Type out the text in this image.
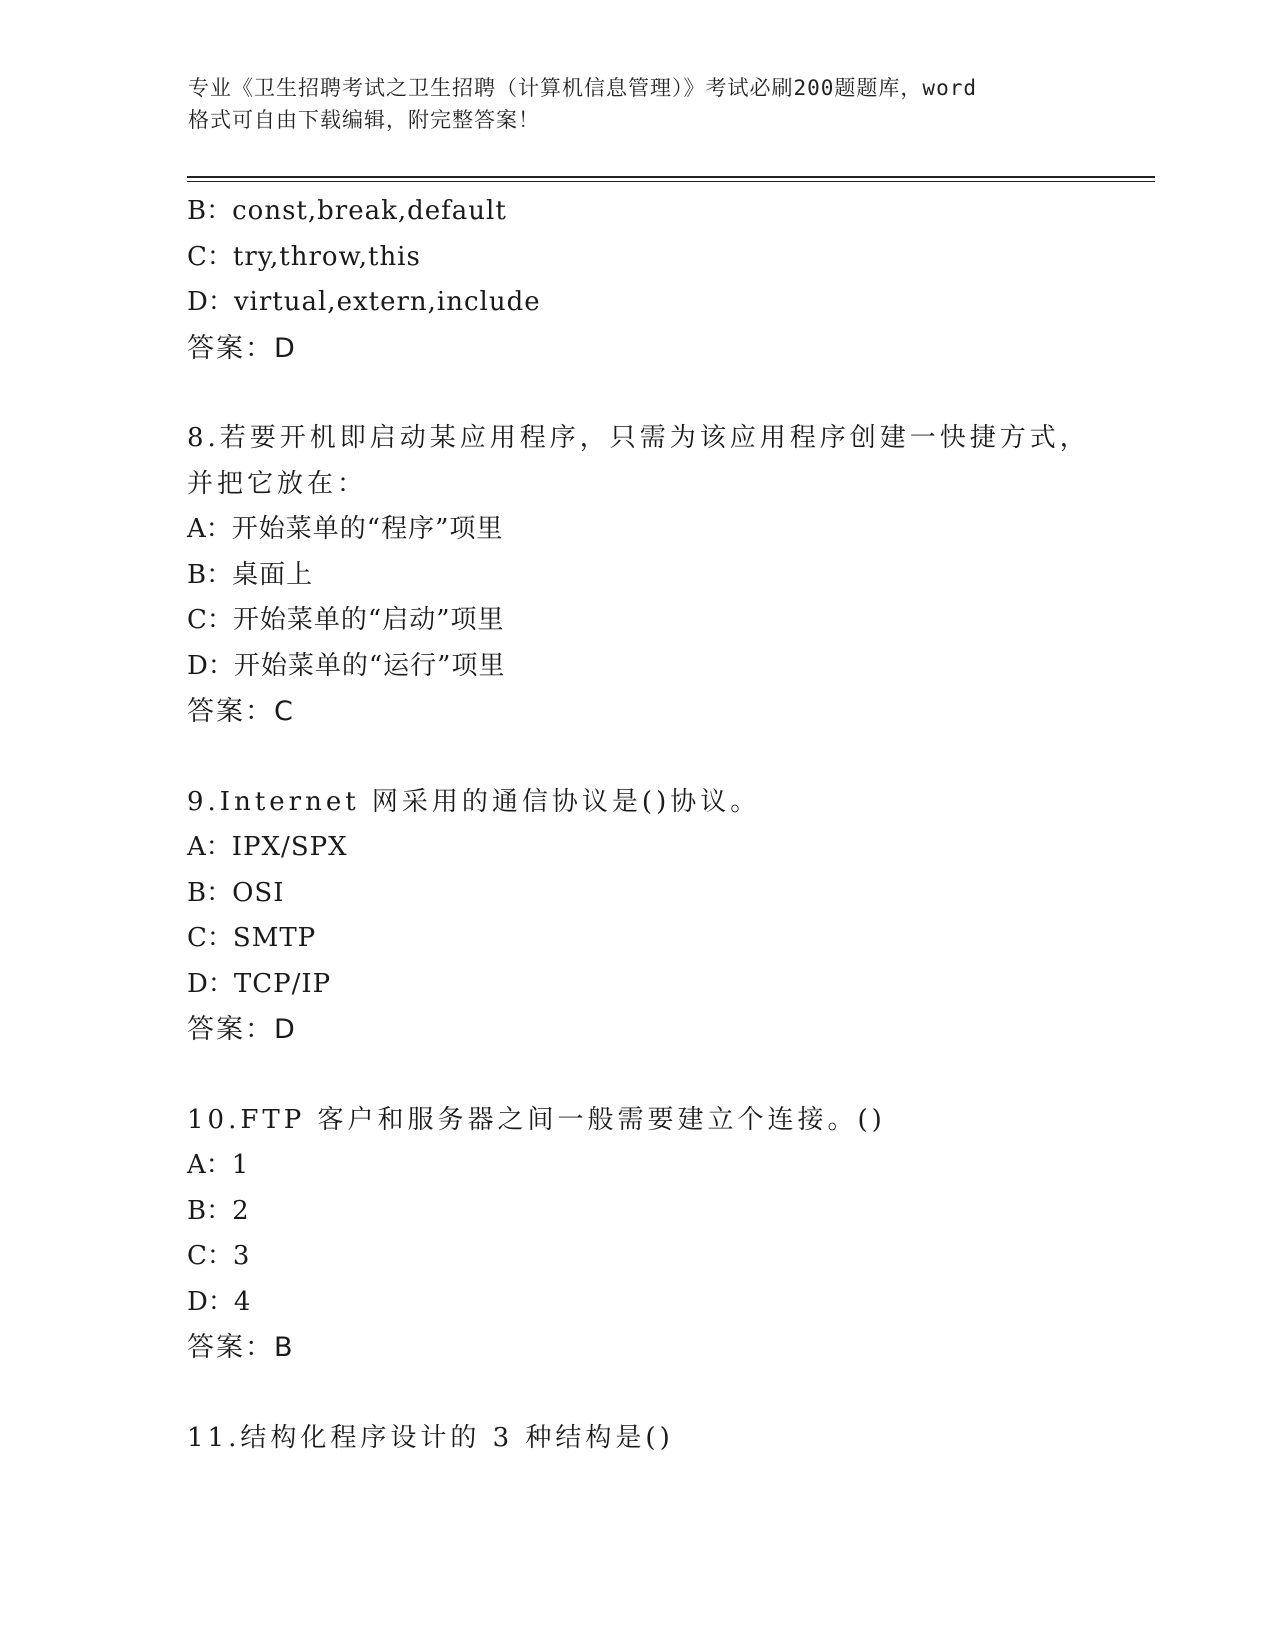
专业《卫生招聘考试之卫生招聘（计算机信息管理）》考试必刷200题题库，word
格式可自由下载编辑，附完整答案！
B：const,break,default
C：try,throw,this
D：virtual,extern,include
答案：D
8.若要开机即启动某应用程序，只需为该应用程序创建一快捷方式，
并把它放在：
A：开始菜单的“程序”项里
B：桌面上
C：开始菜单的“启动”项里
D：开始菜单的“运行”项里
答案：C
9.Internet 网采用的通信协议是()协议。
A：IPX/SPX
B：OSI
C：SMTP
D：TCP/IP
答案：D
10.FTP 客户和服务器之间一般需要建立个连接。()
A：1
B：2
C：3
D：4
答案：B
11.结构化程序设计的 3 种结构是()
